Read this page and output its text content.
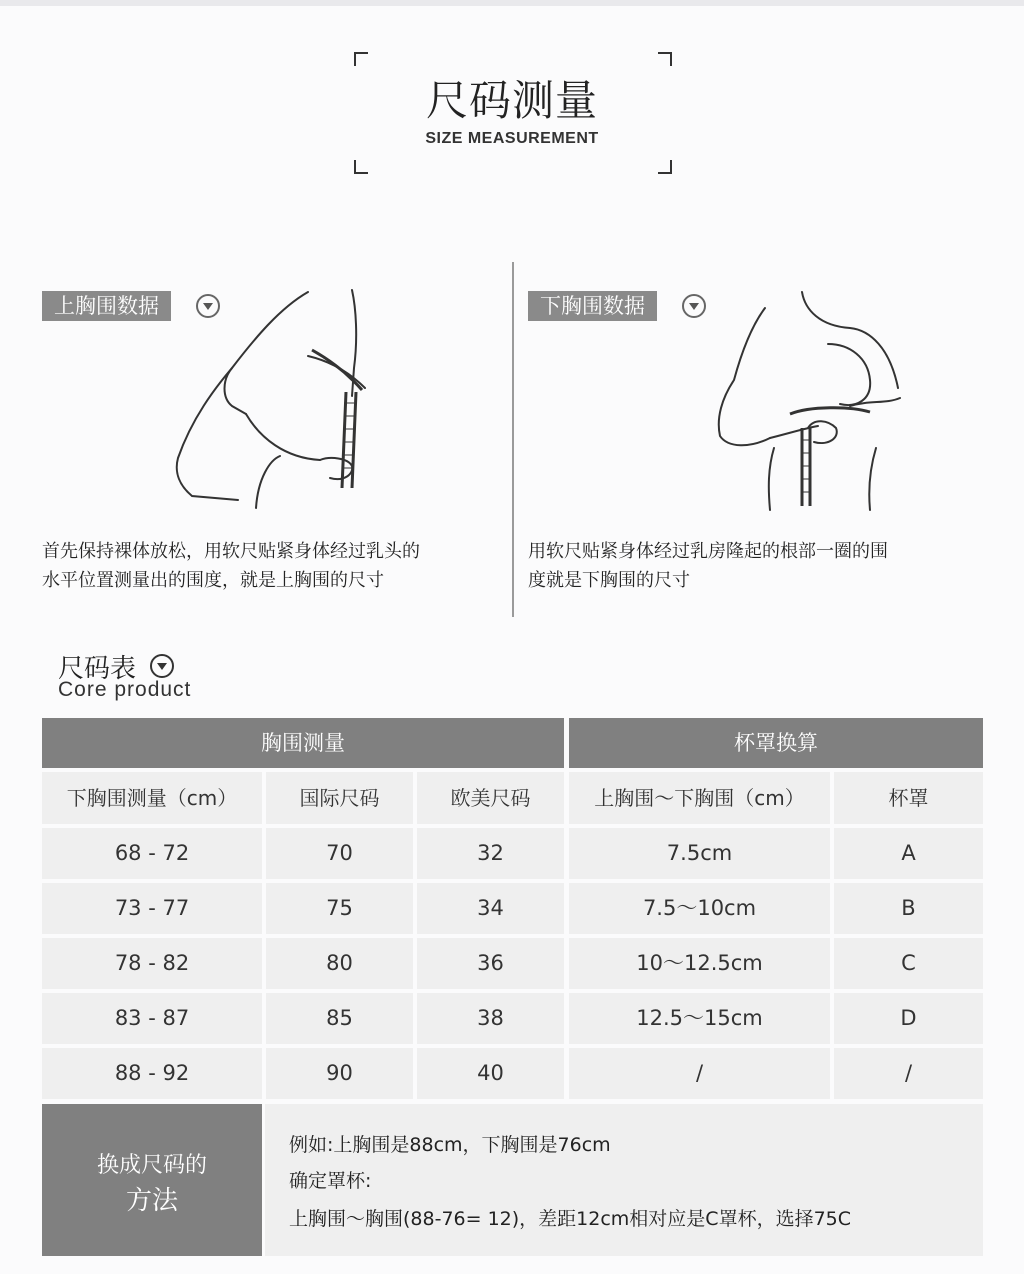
尺码测量
SIZE MEASUREMENT
上胸围数据
首先保持裸体放松，用软尺贴紧身体经过乳头的
水平位置测量出的围度，就是上胸围的尺寸
下胸围数据
用软尺贴紧身体经过乳房隆起的根部一圈的围
度就是下胸围的尺寸
尺码表
Core product
胸围测量	杯罩换算
下胸围测量（cm）	国际尺码	欧美尺码	上胸围～下胸围（cm）	杯罩
68 - 72	70	32	7.5cm	A
73 - 77	75	34	7.5～10cm	B
78 - 82	80	36	10～12.5cm	C
83 - 87	85	38	12.5～15cm	D
88 - 92	90	40	/	/
换成尺码的
方法
例如:上胸围是88cm，下胸围是76cm
确定罩杯:
上胸围～胸围(88-76= 12)，差距12cm相对应是C罩杯，选择75C
